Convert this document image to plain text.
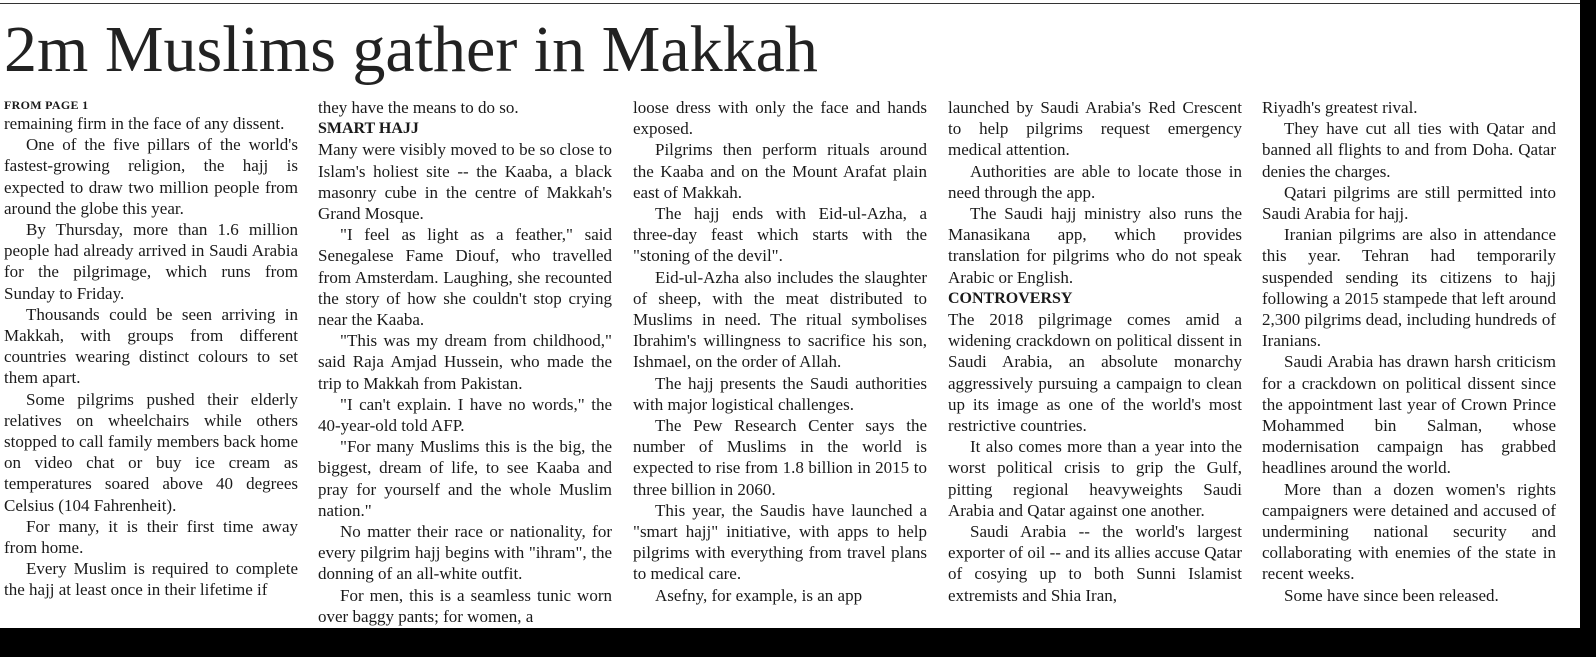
2m Muslims gather in Makkah
FROM PAGE 1

remaining firm in the face of any dissent.

One of the five pillars of the world's fastest-growing religion, the hajj is expected to draw two million people from around the globe this year.

By Thursday, more than 1.6 million people had already arrived in Saudi Arabia for the pilgrimage, which runs from Sunday to Friday.

Thousands could be seen arriving in Makkah, with groups from different countries wearing distinct colours to set them apart.

Some pilgrims pushed their elderly relatives on wheelchairs while others stopped to call family members back home on video chat or buy ice cream as temperatures soared above 40 degrees Celsius (104 Fahrenheit).

For many, it is their first time away from home.

Every Muslim is required to complete the hajj at least once in their lifetime if

they have the means to do so.

SMART HAJJ

Many were visibly moved to be so close to Islam's holiest site -- the Kaaba, a black masonry cube in the centre of Makkah's Grand Mosque.

"I feel as light as a feather," said Senegalese Fame Diouf, who travelled from Amsterdam. Laughing, she recounted the story of how she couldn't stop crying near the Kaaba.

"This was my dream from childhood," said Raja Amjad Hussein, who made the trip to Makkah from Pakistan.

"I can't explain. I have no words," the 40-year-old told AFP.

"For many Muslims this is the big, the biggest, dream of life, to see Kaaba and pray for yourself and the whole Muslim nation."

No matter their race or nationality, for every pilgrim hajj begins with "ihram", the donning of an all-white outfit.

For men, this is a seamless tunic worn over baggy pants; for women, a

loose dress with only the face and hands exposed.

Pilgrims then perform rituals around the Kaaba and on the Mount Arafat plain east of Makkah.

The hajj ends with Eid-ul-Azha, a three-day feast which starts with the "stoning of the devil".

Eid-ul-Azha also includes the slaughter of sheep, with the meat distributed to Muslims in need. The ritual symbolises Ibrahim's willingness to sacrifice his son, Ishmael, on the order of Allah.

The hajj presents the Saudi authorities with major logistical challenges.

The Pew Research Center says the number of Muslims in the world is expected to rise from 1.8 billion in 2015 to three billion in 2060.

This year, the Saudis have launched a "smart hajj" initiative, with apps to help pilgrims with everything from travel plans to medical care.

Asefny, for example, is an app

launched by Saudi Arabia's Red Crescent to help pilgrims request emergency medical attention.

Authorities are able to locate those in need through the app.

The Saudi hajj ministry also runs the Manasikana app, which provides translation for pilgrims who do not speak Arabic or English.

CONTROVERSY

The 2018 pilgrimage comes amid a widening crackdown on political dissent in Saudi Arabia, an absolute monarchy aggressively pursuing a campaign to clean up its image as one of the world's most restrictive countries.

It also comes more than a year into the worst political crisis to grip the Gulf, pitting regional heavyweights Saudi Arabia and Qatar against one another.

Saudi Arabia -- the world's largest exporter of oil -- and its allies accuse Qatar of cosying up to both Sunni Islamist extremists and Shia Iran,

Riyadh's greatest rival.

They have cut all ties with Qatar and banned all flights to and from Doha. Qatar denies the charges.

Qatari pilgrims are still permitted into Saudi Arabia for hajj.

Iranian pilgrims are also in attendance this year. Tehran had temporarily suspended sending its citizens to hajj following a 2015 stampede that left around 2,300 pilgrims dead, including hundreds of Iranians.

Saudi Arabia has drawn harsh criticism for a crackdown on political dissent since the appointment last year of Crown Prince Mohammed bin Salman, whose modernisation campaign has grabbed headlines around the world.

More than a dozen women's rights campaigners were detained and accused of undermining national security and collaborating with enemies of the state in recent weeks.

Some have since been released.
